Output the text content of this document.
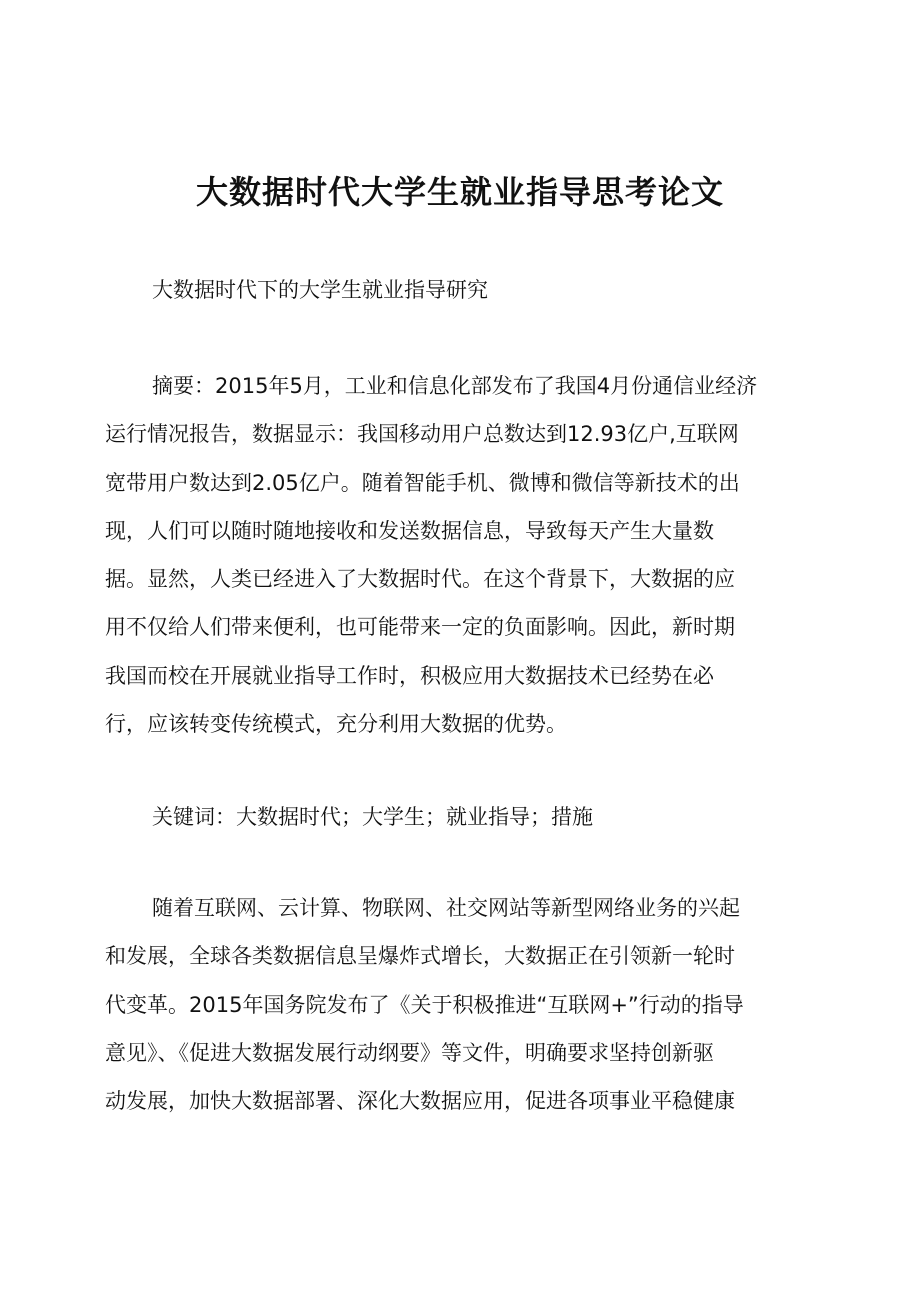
大数据时代大学生就业指导思考论文

大数据时代下的大学生就业指导研究

摘要：2015年5月，工业和信息化部发布了我国4月份通信业经济
运行情况报告，数据显示：我国移动用户总数达到12.93亿户,互联网
宽带用户数达到2.05亿户。随着智能手机、微博和微信等新技术的出
现，人们可以随时随地接收和发送数据信息，导致每天产生大量数
据。显然，人类已经进入了大数据时代。在这个背景下，大数据的应
用不仅给人们带来便利，也可能带来一定的负面影响。因此，新时期
我国而校在开展就业指导工作时，积极应用大数据技术已经势在必
行，应该转变传统模式，充分利用大数据的优势。
关键词：大数据时代；大学生；就业指导；措施
随着互联网、云计算、物联网、社交网站等新型网络业务的兴起
和发展，全球各类数据信息呈爆炸式增长，大数据正在引领新一轮时
代变革。2015年国务院发布了《关于积极推进“互联网+”行动的指导
意见》、《促进大数据发展行动纲要》等文件，明确要求坚持创新驱
动发展，加快大数据部署、深化大数据应用，促进各项事业平稳健康
